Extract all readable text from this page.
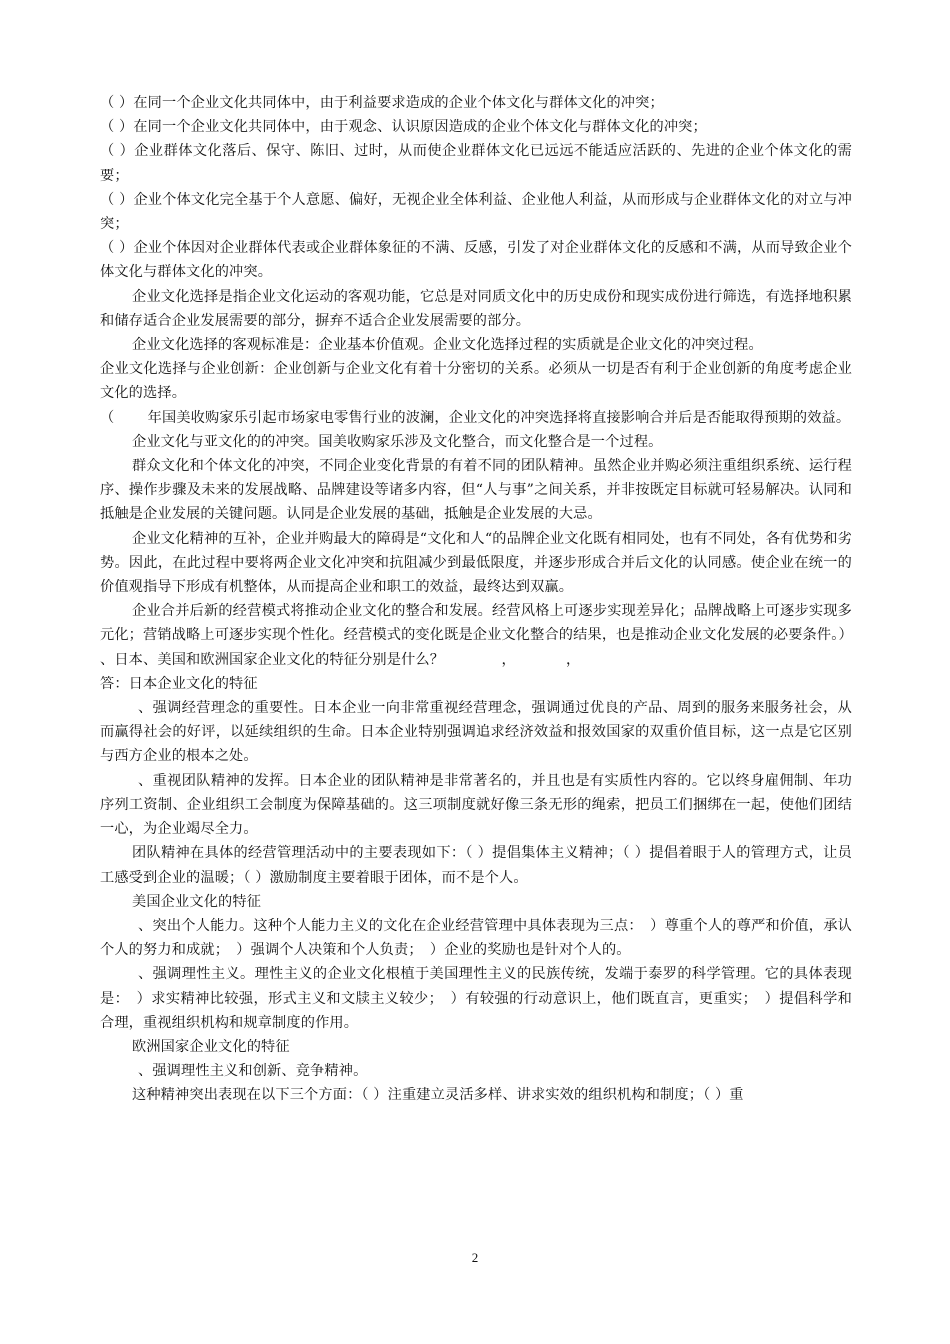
（ ）在同一个企业文化共同体中，由于利益要求造成的企业个体文化与群体文化的冲突；

（ ）在同一个企业文化共同体中，由于观念、认识原因造成的企业个体文化与群体文化的冲突；

（ ）企业群体文化落后、保守、陈旧、过时，从而使企业群体文化已远远不能适应活跃的、先进的企业个体文化的需要；

（ ）企业个体文化完全基于个人意愿、偏好，无视企业全体利益、企业他人利益，从而形成与企业群体文化的对立与冲突；

（ ）企业个体因对企业群体代表或企业群体象征的不满、反感，引发了对企业群体文化的反感和不满，从而导致企业个体文化与群体文化的冲突。

企业文化选择是指企业文化运动的客观功能，它总是对同质文化中的历史成份和现实成份进行筛选，有选择地积累和储存适合企业发展需要的部分，摒弃不适合企业发展需要的部分。

企业文化选择的客观标准是：企业基本价值观。企业文化选择过程的实质就是企业文化的冲突过程。

企业文化选择与企业创新：企业创新与企业文化有着十分密切的关系。必须从一切是否有利于企业创新的角度考虑企业文化的选择。

（　　 年国美收购家乐引起市场家电零售行业的波澜，企业文化的冲突选择将直接影响合并后是否能取得预期的效益。

企业文化与亚文化的的冲突。国美收购家乐涉及文化整合，而文化整合是一个过程。

群众文化和个体文化的冲突，不同企业变化背景的有着不同的团队精神。虽然企业并购必须注重组织系统、运行程序、操作步骤及未来的发展战略、品牌建设等诸多内容，但“人与事”之间关系，并非按既定目标就可轻易解决。认同和抵触是企业发展的关键问题。认同是企业发展的基础，抵触是企业发展的大忌。

企业文化精神的互补，企业并购最大的障碍是“文化和人“的品牌企业文化既有相同处，也有不同处，各有优势和劣势。因此，在此过程中要将两企业文化冲突和抗阻减少到最低限度，并逐步形成合并后文化的认同感。使企业在统一的价值观指导下形成有机整体，从而提高企业和职工的效益，最终达到双赢。

企业合并后新的经营模式将推动企业文化的整合和发展。经营风格上可逐步实现差异化；品牌战略上可逐步实现多元化；营销战略上可逐步实现个性化。经营模式的变化既是企业文化整合的结果，也是推动企业文化发展的必要条件。）

、日本、美国和欧洲国家企业文化的特征分别是什么？　　　　，　　　　，

答：日本企业文化的特征

、强调经营理念的重要性。日本企业一向非常重视经营理念，强调通过优良的产品、周到的服务来服务社会，从而赢得社会的好评，以延续组织的生命。日本企业特别强调追求经济效益和报效国家的双重价值目标，这一点是它区别与西方企业的根本之处。

、重视团队精神的发挥。日本企业的团队精神是非常著名的，并且也是有实质性内容的。它以终身雇佣制、年功序列工资制、企业组织工会制度为保障基础的。这三项制度就好像三条无形的绳索，把员工们捆绑在一起，使他们团结一心，为企业竭尽全力。

团队精神在具体的经营管理活动中的主要表现如下：（ ）提倡集体主义精神；（ ）提倡着眼于人的管理方式，让员工感受到企业的温暖；（ ）激励制度主要着眼于团体，而不是个人。

美国企业文化的特征

、突出个人能力。这种个人能力主义的文化在企业经营管理中具体表现为三点：　）尊重个人的尊严和价值，承认个人的努力和成就；　）强调个人决策和个人负责；　）企业的奖励也是针对个人的。

、强调理性主义。理性主义的企业文化根植于美国理性主义的民族传统，发端于泰罗的科学管理。它的具体表现是：　）求实精神比较强，形式主义和文牍主义较少；　）有较强的行动意识上，他们既直言，更重实；　）提倡科学和合理，重视组织机构和规章制度的作用。

欧洲国家企业文化的特征

、强调理性主义和创新、竞争精神。

这种精神突出表现在以下三个方面：（ ）注重建立灵活多样、讲求实效的组织机构和制度；（ ）重

2
